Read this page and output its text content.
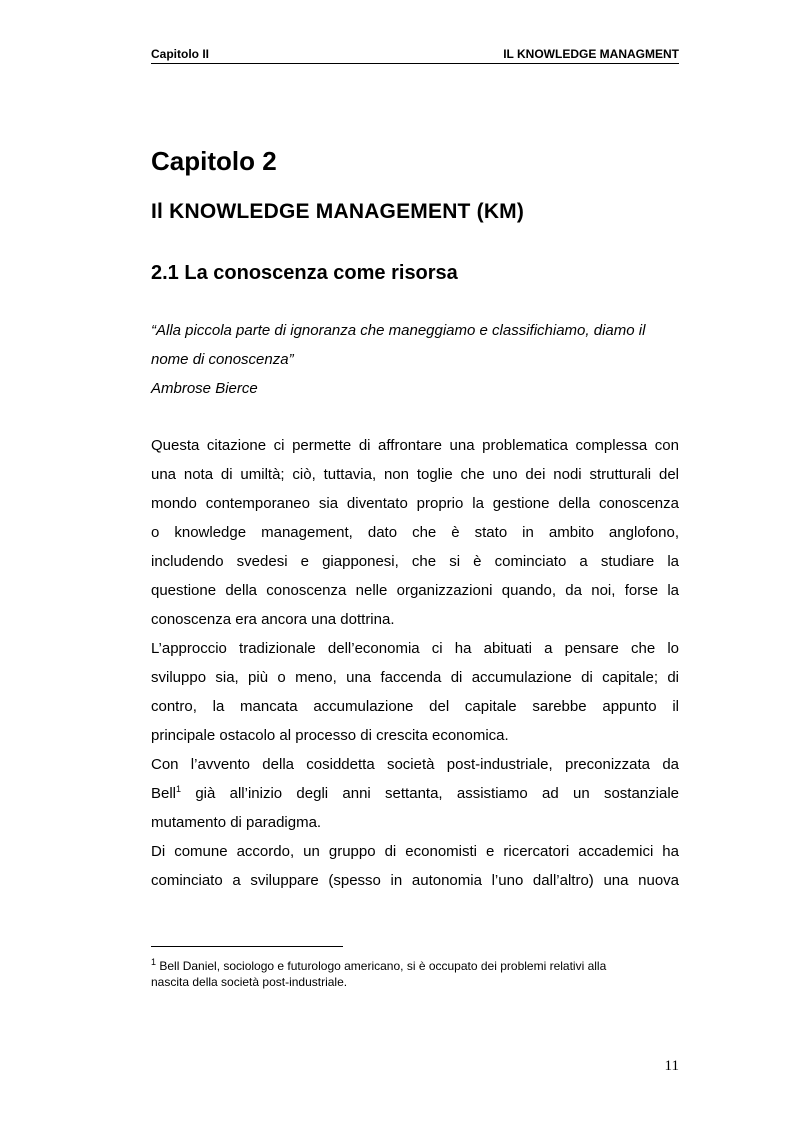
Capitolo II	IL KNOWLEDGE MANAGMENT
Capitolo 2
Il KNOWLEDGE MANAGEMENT (KM)
2.1 La conoscenza come risorsa
“Alla piccola parte di ignoranza che maneggiamo e classifichiamo, diamo il
nome di conoscenza”
Ambrose Bierce
Questa citazione ci permette di affrontare una problematica complessa con
una nota di umiltà; ciò, tuttavia, non toglie che uno dei nodi strutturali del
mondo contemporaneo sia diventato proprio la gestione della conoscenza
o knowledge management, dato che è stato in ambito anglofono,
includendo svedesi e giapponesi, che si è cominciato a studiare la
questione della conoscenza nelle organizzazioni quando, da noi, forse la
conoscenza era ancora una dottrina.
L’approccio tradizionale dell’economia ci ha abituati a pensare che lo
sviluppo sia, più o meno, una faccenda di accumulazione di capitale; di
contro, la mancata accumulazione del capitale sarebbe appunto il
principale ostacolo al processo di crescita economica.
Con l’avvento della cosiddetta società post-industriale, preconizzata da
Bell$^1$ già all’inizio degli anni settanta, assistiamo ad un sostanziale
mutamento di paradigma.
Di comune accordo, un gruppo di economisti e ricercatori accademici ha
cominciato a sviluppare (spesso in autonomia l’uno dall’altro) una nuova
$^1$ Bell Daniel, sociologo e futurologo americano, si è occupato dei problemi relativi alla
nascita della società post-industriale.
11
